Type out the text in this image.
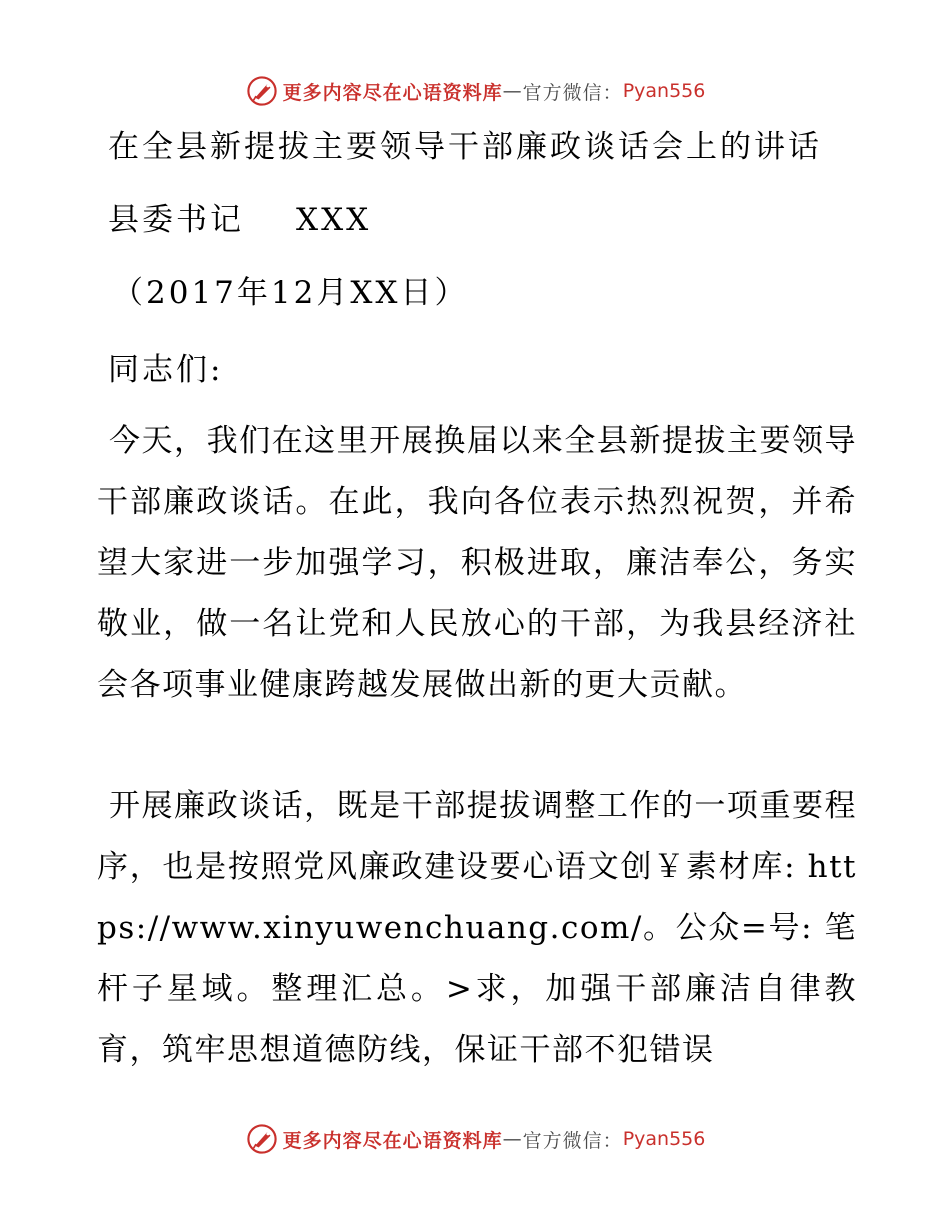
更多内容尽在心语资料库 — 官方微信： Pyan556
在全县新提拔主要领导干部廉政谈话会上的讲话
县委书记 XXX
（2017年12月XX日）
同志们:
今天，我们在这里开展换届以来全县新提拔主要领导干部廉政谈话。在此，我向各位表示热烈祝贺，并希望大家进一步加强学习，积极进取，廉洁奉公，务实敬业，做一名让党和人民放心的干部，为我县经济社会各项事业健康跨越发展做出新的更大贡献。
开展廉政谈话，既是干部提拔调整工作的一项重要程序，也是按照党风廉政建设要心语文创￥素材库: https://www.xinyuwenchuang.com/。公众=号: 笔杆子星域。整理汇总。>求，加强干部廉洁自律教育，筑牢思想道德防线，保证干部不犯错误
更多内容尽在心语资料库 — 官方微信： Pyan556
